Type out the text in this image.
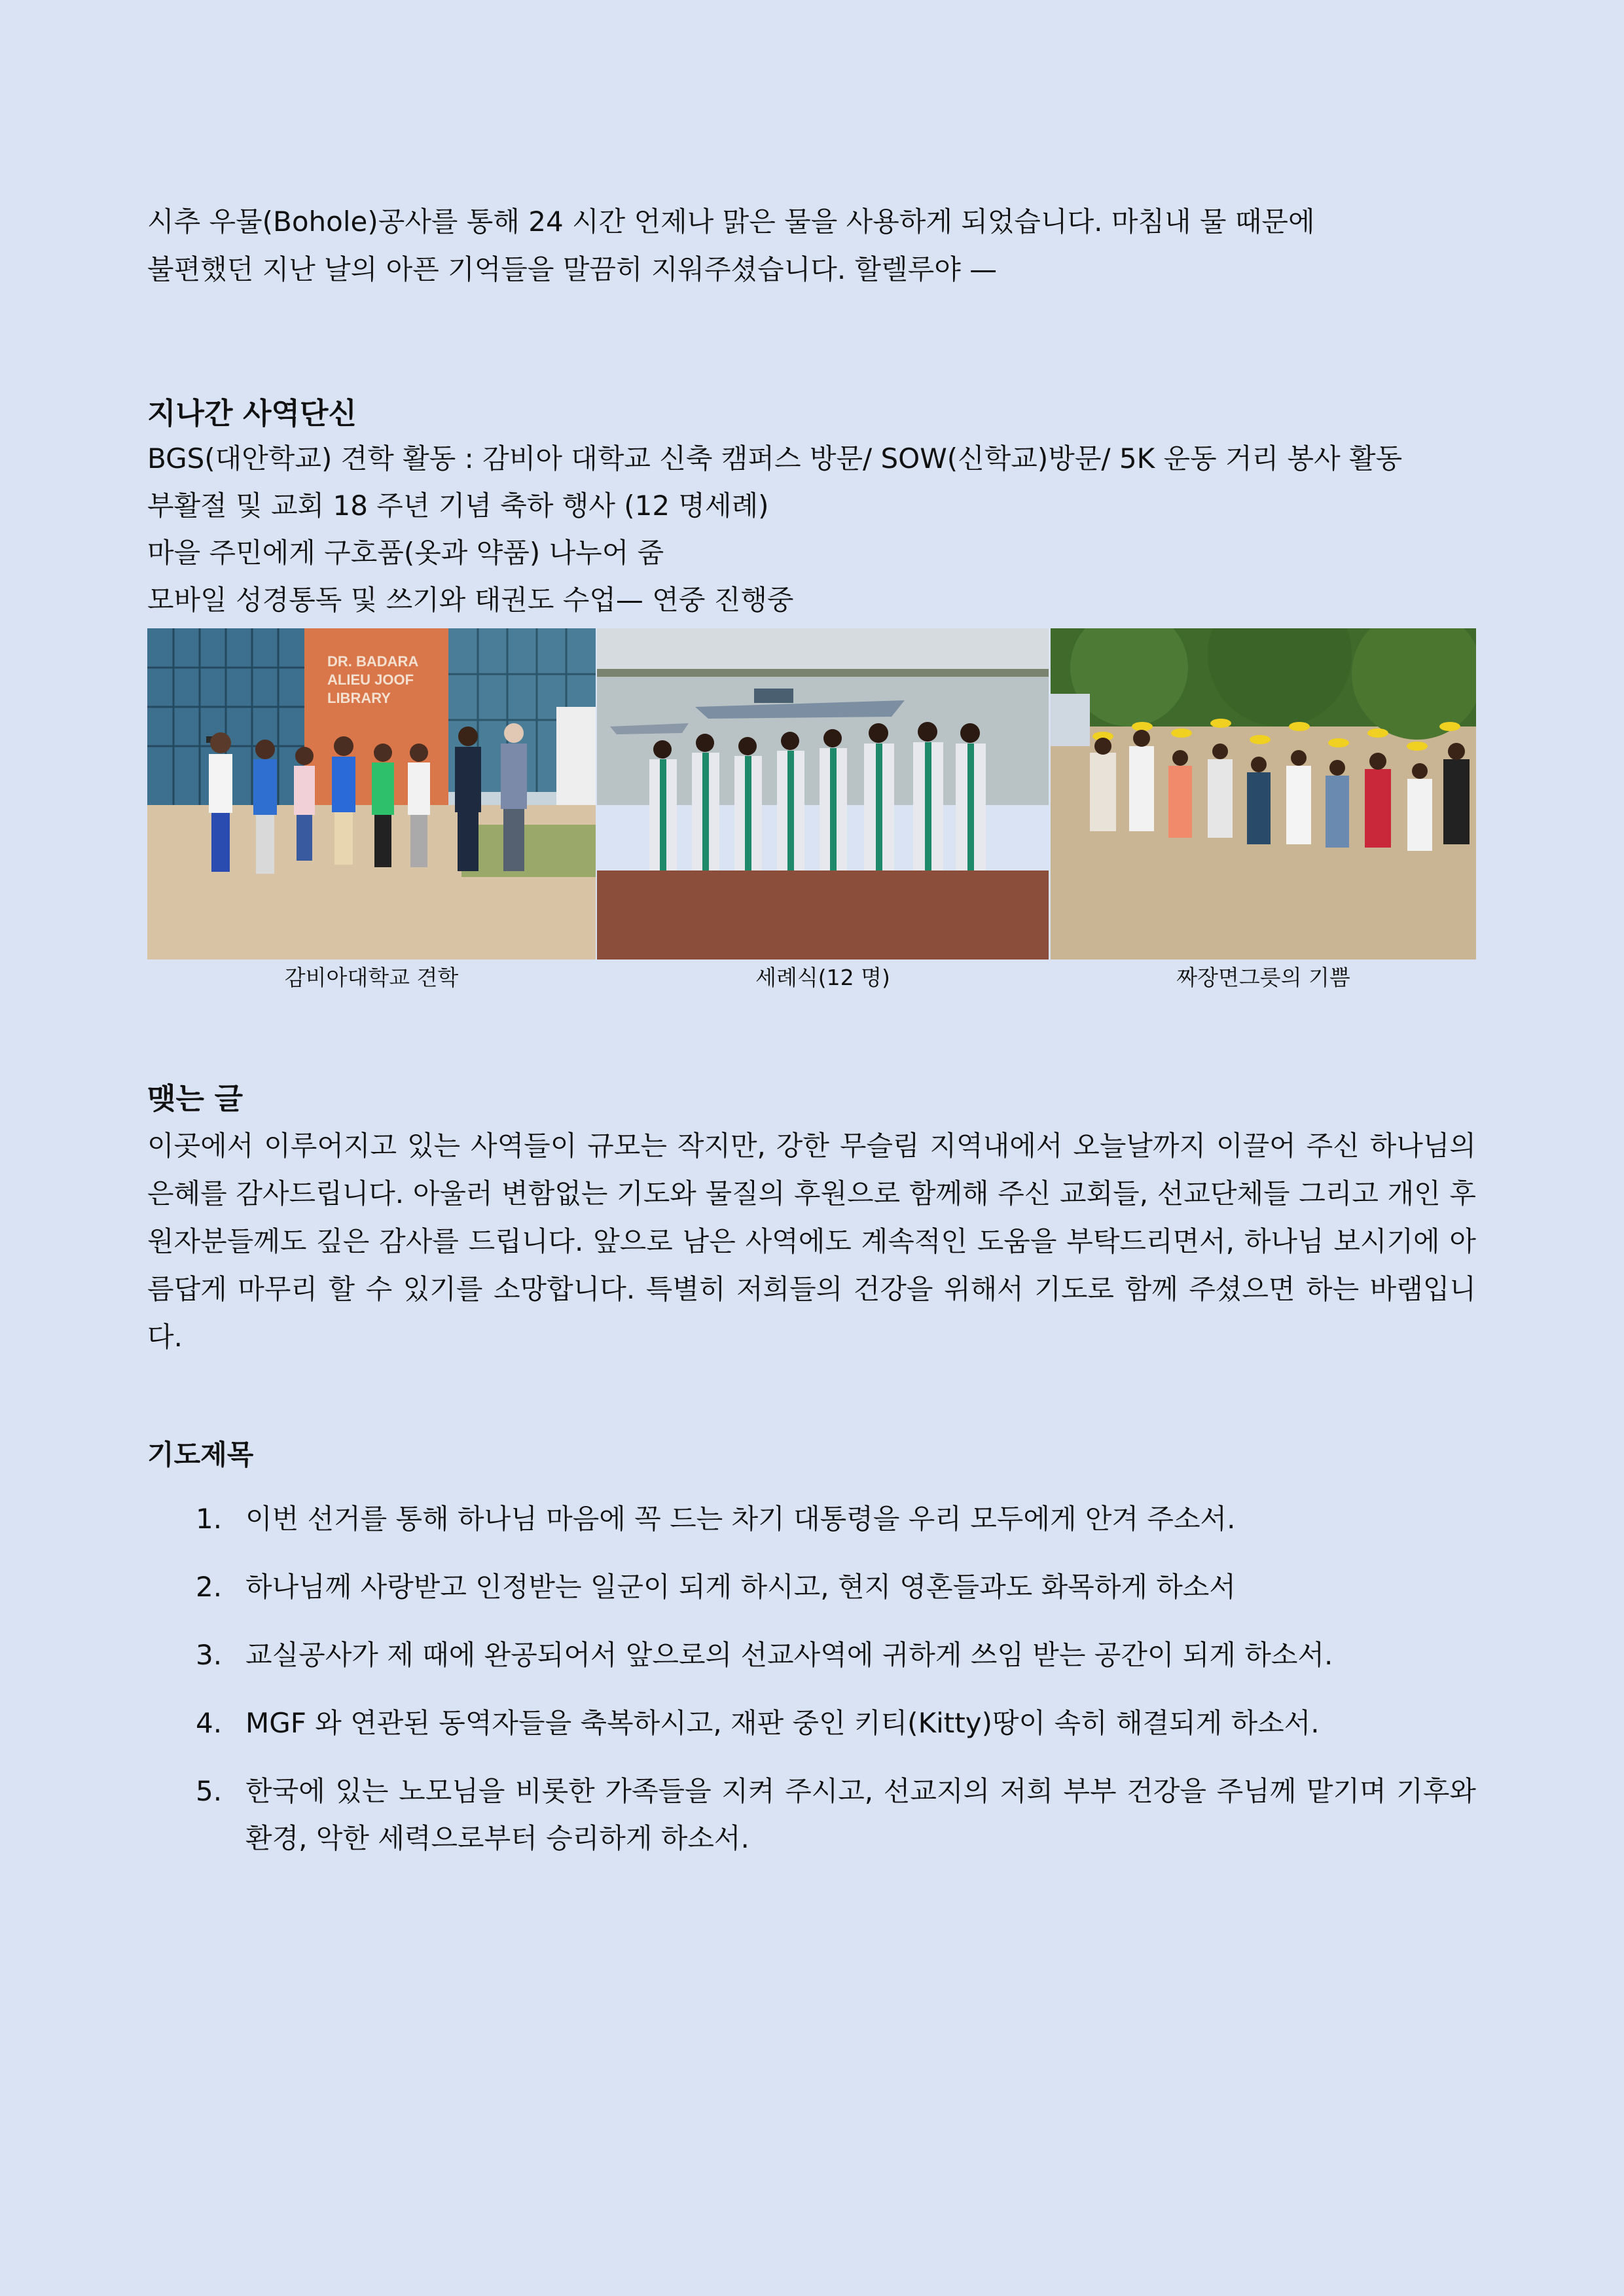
시추 우물(Bohole)공사를 통해 24 시간 언제나 맑은 물을 사용하게 되었습니다. 마침내 물 때문에
불편했던 지난 날의 아픈 기억들을 말끔히 지워주셨습니다. 할렐루야 —

지나간 사역단신
BGS(대안학교) 견학 활동 : 감비아 대학교 신축 캠퍼스 방문/ SOW(신학교)방문/ 5K 운동 거리 봉사 활동
부활절 및 교회 18 주년 기념 축하 행사 (12 명세례)
마을 주민에게 구호품(옷과 약품) 나누어 줌
모바일 성경통독 및 쓰기와 태권도 수업— 연중 진행중
DR. BADARA
ALIEU JOOF
LIBRARY
감비아대학교 견학	세례식(12 명)	짜장면그릇의 기쁨
맺는 글

이곳에서 이루어지고 있는 사역들이 규모는 작지만, 강한 무슬림 지역내에서 오늘날까지 이끌어 주신 하나님의 은혜를 감사드립니다. 아울러 변함없는 기도와 물질의 후원으로 함께해 주신 교회들, 선교단체들 그리고 개인 후원자분들께도 깊은 감사를 드립니다. 앞으로 남은 사역에도 계속적인 도움을 부탁드리면서, 하나님 보시기에 아름답게 마무리 할 수 있기를 소망합니다. 특별히 저희들의 건강을 위해서 기도로 함께 주셨으면 하는 바램입니다.

기도제목
1. 이번 선거를 통해 하나님 마음에 꼭 드는 차기 대통령을 우리 모두에게 안겨 주소서.
2. 하나님께 사랑받고 인정받는 일군이 되게 하시고, 현지 영혼들과도 화목하게 하소서
3. 교실공사가 제 때에 완공되어서 앞으로의 선교사역에 귀하게 쓰임 받는 공간이 되게 하소서.
4. MGF 와 연관된 동역자들을 축복하시고, 재판 중인 키티(Kitty)땅이 속히 해결되게 하소서.
5. 한국에 있는 노모님을 비롯한 가족들을 지켜 주시고, 선교지의 저희 부부 건강을 주님께 맡기며 기후와 환경, 악한 세력으로부터 승리하게 하소서.
